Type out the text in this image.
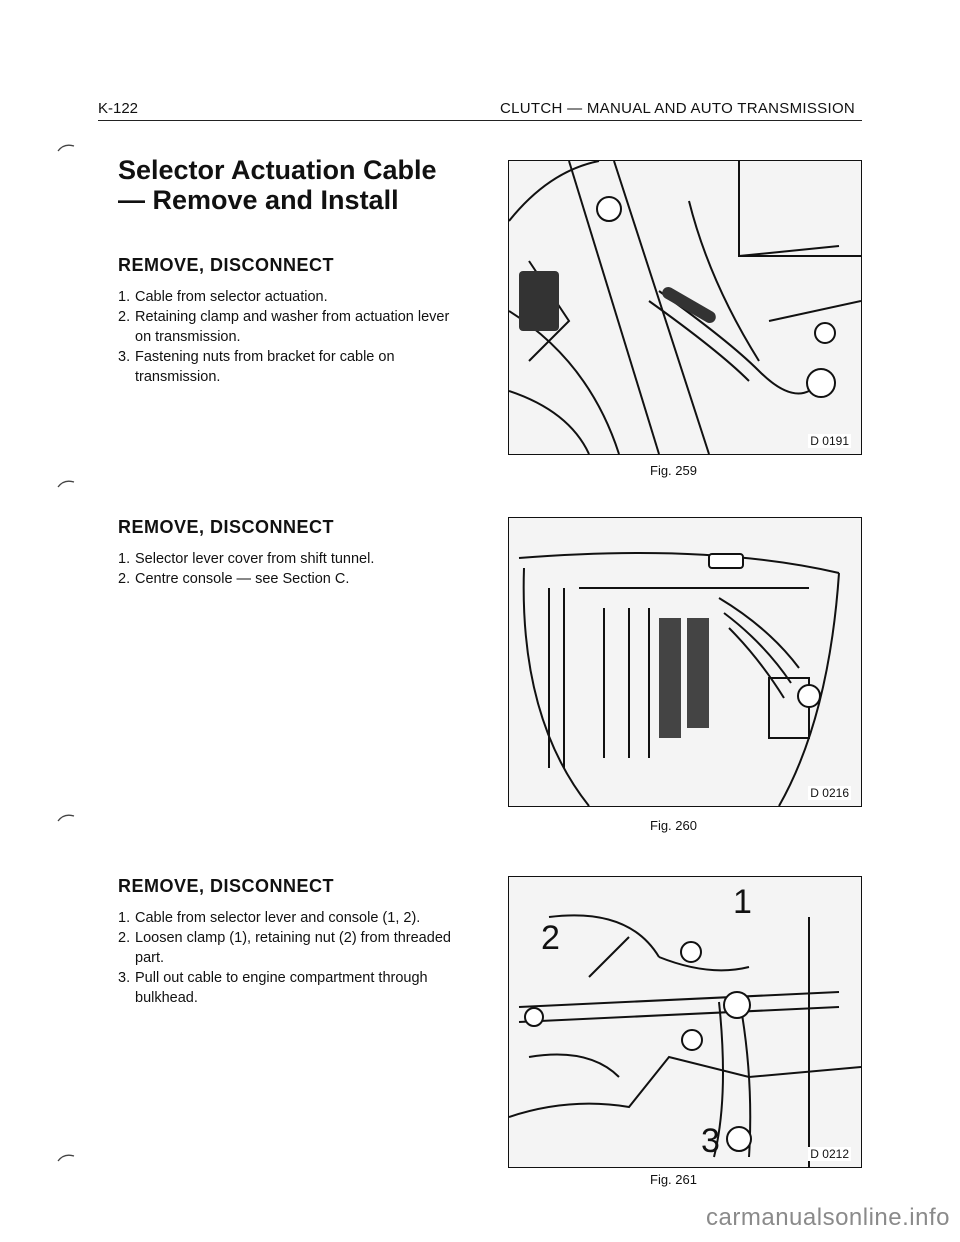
K-122	CLUTCH — MANUAL AND AUTO TRANSMISSION
Selector Actuation Cable — Remove and Install
REMOVE, DISCONNECT
1. Cable from selector actuation.
2. Retaining clamp and washer from actuation lever on transmission.
3. Fastening nuts from bracket for cable on transmission.
REMOVE, DISCONNECT
1. Selector lever cover from shift tunnel.
2. Centre console — see Section C.
REMOVE, DISCONNECT
1. Cable from selector lever and console (1, 2).
2. Loosen clamp (1), retaining nut (2) from threaded part.
3. Pull out cable to engine compartment through bulkhead.
D 0191
Fig. 259
D 0216
Fig. 260
1
2
3	D 0212
Fig. 261
carmanualsonline.info
